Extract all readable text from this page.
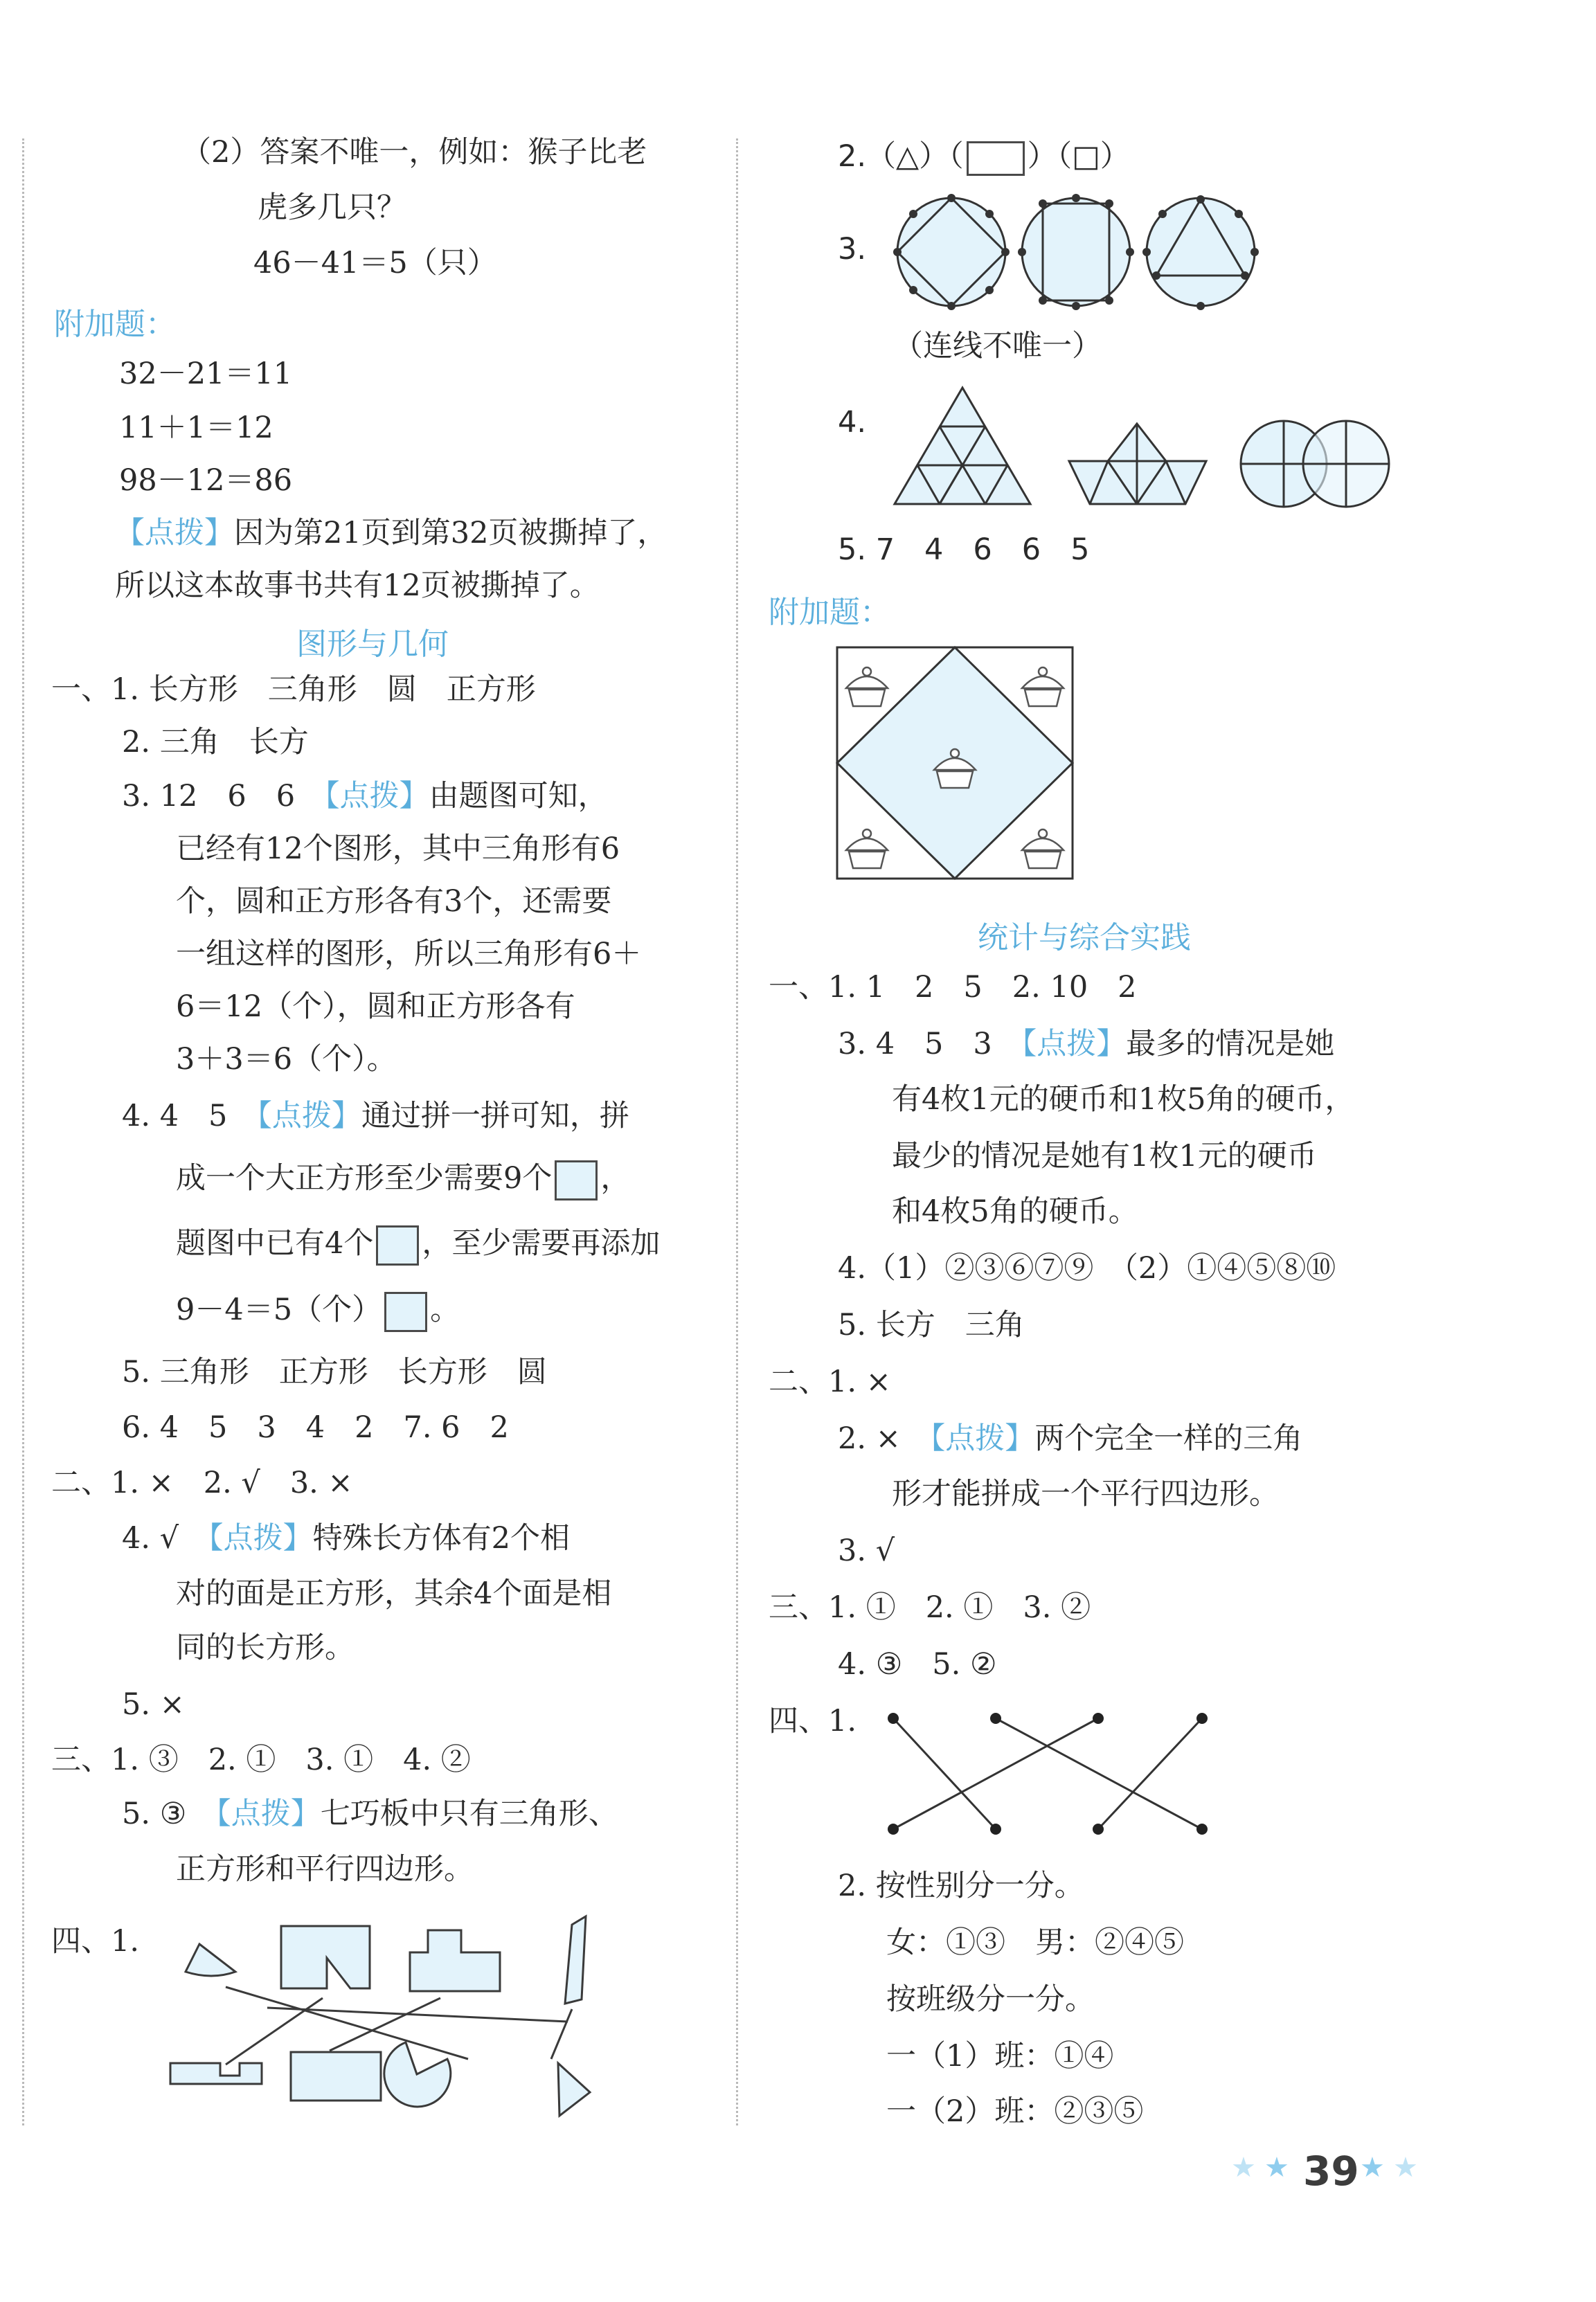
（2）答案不唯一，例如：猴子比老
虎多几只？
46－41＝5（只）
附加题：
32－21＝11
11＋1＝12
98－12＝86
【点拨】因为第21页到第32页被撕掉了，
所以这本故事书共有12页被撕掉了。
图形与几何
一、1. 长方形　三角形　圆　正方形
2. 三角　长方
3. 12　6　6　 【点拨】由题图可知，
已经有12个图形，其中三角形有6
个，圆和正方形各有3个，还需要
一组这样的图形，所以三角形有6＋
6＝12（个），圆和正方形各有
3＋3＝6（个）。
4. 4　5　 【点拨】通过拼一拼可知，拼
成一个大正方形至少需要9个 ，
题图中已有4个 ，至少需要再添加
9－4＝5（个） 。
5. 三角形　正方形　长方形　圆
6. 4　5　3　4　2　7. 6　2
二、1. ×　2. √　3. ×
4. √　 【点拨】特殊长方体有2个相
对的面是正方形，其余4个面是相
同的长方形。
5. ×
三、1. ③　2. ①　3. ①　4. ②
5. ③　 【点拨】七巧板中只有三角形、
正方形和平行四边形。
四、1.
2.（△）（ ）（□）
3.
（连线不唯一）
4.
5. 7　4　6　6　5
附加题：
统计与综合实践
一、1. 1　2　5　2. 10　2
3. 4　5　3　 【点拨】最多的情况是她
有4枚1元的硬币和1枚5角的硬币，
最少的情况是她有1枚1元的硬币
和4枚5角的硬币。
4.（1）②③⑥⑦⑨　（2）①④⑤⑧⑩
5. 长方　三角
二、1. ×
2. ×　 【点拨】两个完全一样的三角
形才能拼成一个平行四边形。
3. √
三、1. ①　2. ①　3. ②
4. ③　5. ②
四、1.
2. 按性别分一分。
女：①③　男：②④⑤
按班级分一分。
一（1）班：①④
一（2）班：②③⑤
★ ★ 39 ★ ★
